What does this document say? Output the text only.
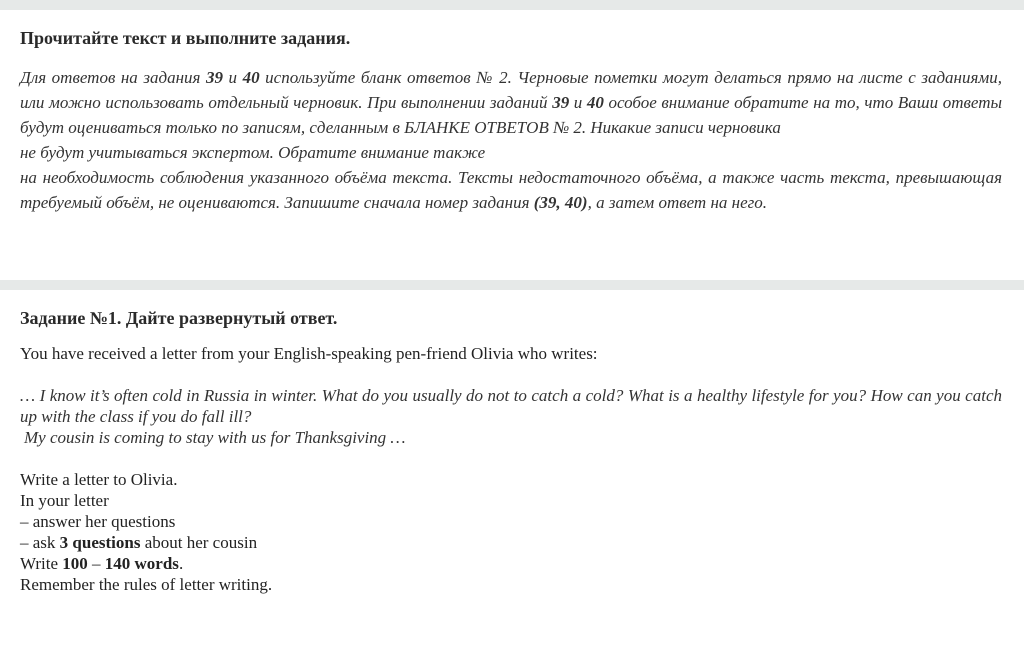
Прочитайте текст и выполните задания.

Для ответов на задания 39 и 40 используйте бланк ответов № 2. Черновые пометки могут делаться прямо на листе с заданиями, или можно использовать отдельный черновик. При выполнении заданий 39 и 40 особое внимание обратите на то, что Ваши ответы будут оцениваться только по записям, сделанным в БЛАНКЕ ОТВЕТОВ № 2. Никакие записи черновика
не будут учитываться экспертом. Обратите внимание также
на необходимость соблюдения указанного объёма текста. Тексты недостаточного объёма, а также часть текста, превышающая требуемый объём, не оцениваются. Запишите сначала номер задания (39, 40), а затем ответ на него.

Задание №1. Дайте развернутый ответ.

You have received a letter from your English-speaking pen-friend Olivia who writes:

… I know it’s often cold in Russia in winter. What do you usually do not to catch a cold? What is a healthy lifestyle for you? How can you catch up with the class if you do fall ill?
My cousin is coming to stay with us for Thanksgiving …

Write a letter to Olivia.
In your letter
– answer her questions
– ask 3 questions about her cousin
Write 100 – 140 words.
Remember the rules of letter writing.
